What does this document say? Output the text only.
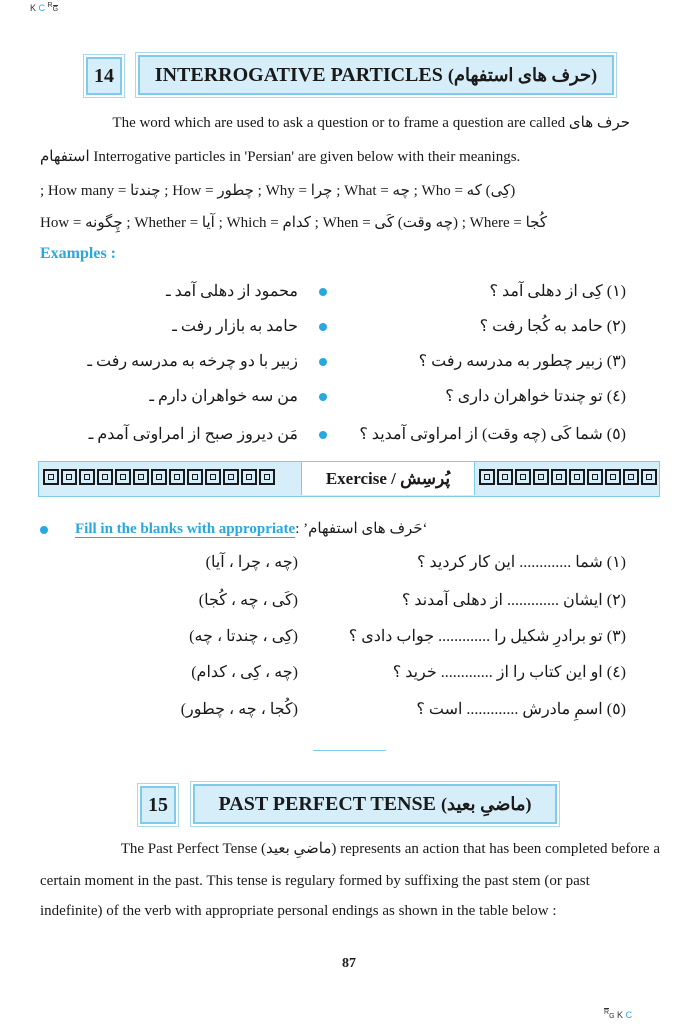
K C $^R$G
14 INTERROGATIVE PARTICLES
(حرف های استفهام)
The word which are used to ask a question or to frame a question are called حرف های
استفهام Interrogative particles in 'Persian' are given below with their meanings.
(کِی) که = Who ; چه = What ; چرا = Why ; چطور = How ; چندتا = How many ;
کُجا = Where ; (چه وقت) کَی = When ; کدام = Which ; آیا = Whether ; چِگونه = How
Examples :
(١) کِی از دهلی آمد ؟
محمود از دهلی آمد ـ
(٢) حامد به کُجا رفت ؟
حامد به بازار رفت ـ
(٣) زبیر چطور به مدرسه رفت ؟
زبیر با دو چرخه به مدرسه رفت ـ
(٤) تو چندتا خواهران داری ؟
من سه خواهران دارم ـ
(٥) شما کَی (چه وقت) از امراوتی آمدید ؟
مَن دیروز صبح از امراوتی آمدم ـ
Exercise / پُرسِش
Fill in the blanks with appropriate‘حَرف های استفهام’ :
(١) شما ............. این کار کردید ؟
(چه ، چرا ، آیا)
(٢) ایشان ............. از دهلی آمدند ؟
(کَی ، چه ، کُجا)
(٣) تو برادرِ شکیل را ............. جواب دادی ؟
(کِی ، چندتا ، چه)
(٤) او این کتاب را از ............. خرید ؟
(چه ، کِی ، کدام)
(٥) اسمِ مادرش ............. است ؟
(کُجا ، چه ، چطور)
15	PAST PERFECT TENSE
(ماضیِ بعید)
The Past Perfect Tense (ماضیِ بعید) represents an action that has been completed before a
certain moment in the past. This tense is regulary formed by suffixing the past stem (or past
indefinite) of the verb with appropriate personal endings as shown in the table below :
87
$^R$G K C
